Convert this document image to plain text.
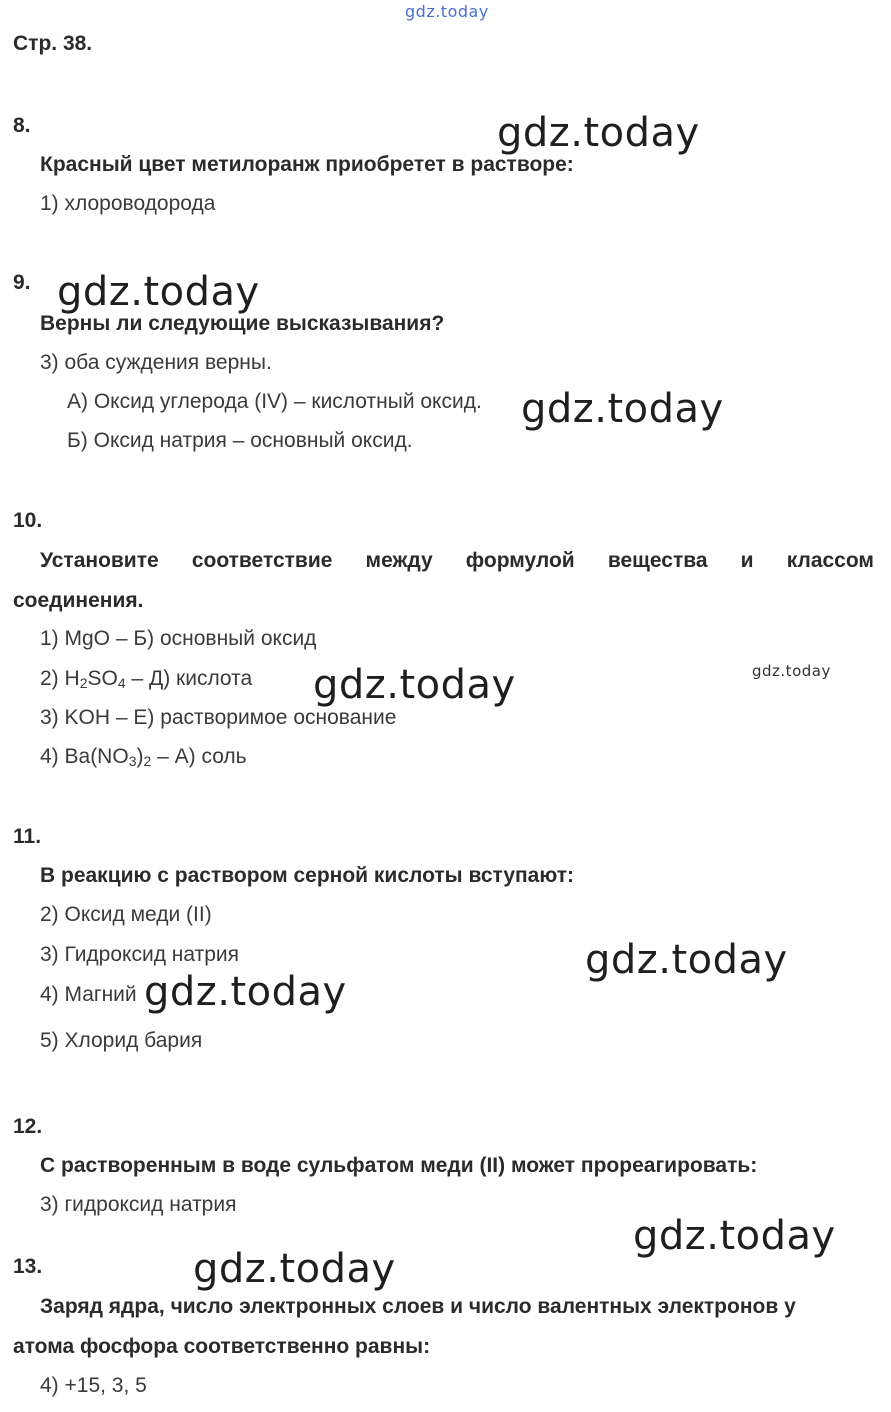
gdz.today
gdz.today
gdz.today
gdz.today
gdz.today
gdz.today
gdz.today
gdz.today
gdz.today
gdz.today
Стр. 38.
8.
Красный цвет метилоранж приобретет в растворе:
1) хлороводорода
9.
Верны ли следующие высказывания?
3) оба суждения верны.
А) Оксид углерода (IV) – кислотный оксид.
Б) Оксид натрия – основный оксид.
10.
Установите соответствие между формулой вещества и классом
соединения.
1) MgO – Б) основный оксид
2) $H_2SO_4 - Д$) кислота
3) KOH – Е) растворимое основание
4) $Ba(NO_3)_2 - А$) соль
11.
В реакцию с раствором серной кислоты вступают:
2) Оксид меди (II)
3) Гидроксид натрия
4) Магний
5) Хлорид бария
12.
С растворенным в воде сульфатом меди (II) может прореагировать:
3) гидроксид натрия
13.
Заряд ядра, число электронных слоев и число валентных электронов у
атома фосфора соответственно равны:
4) +15, 3, 5
